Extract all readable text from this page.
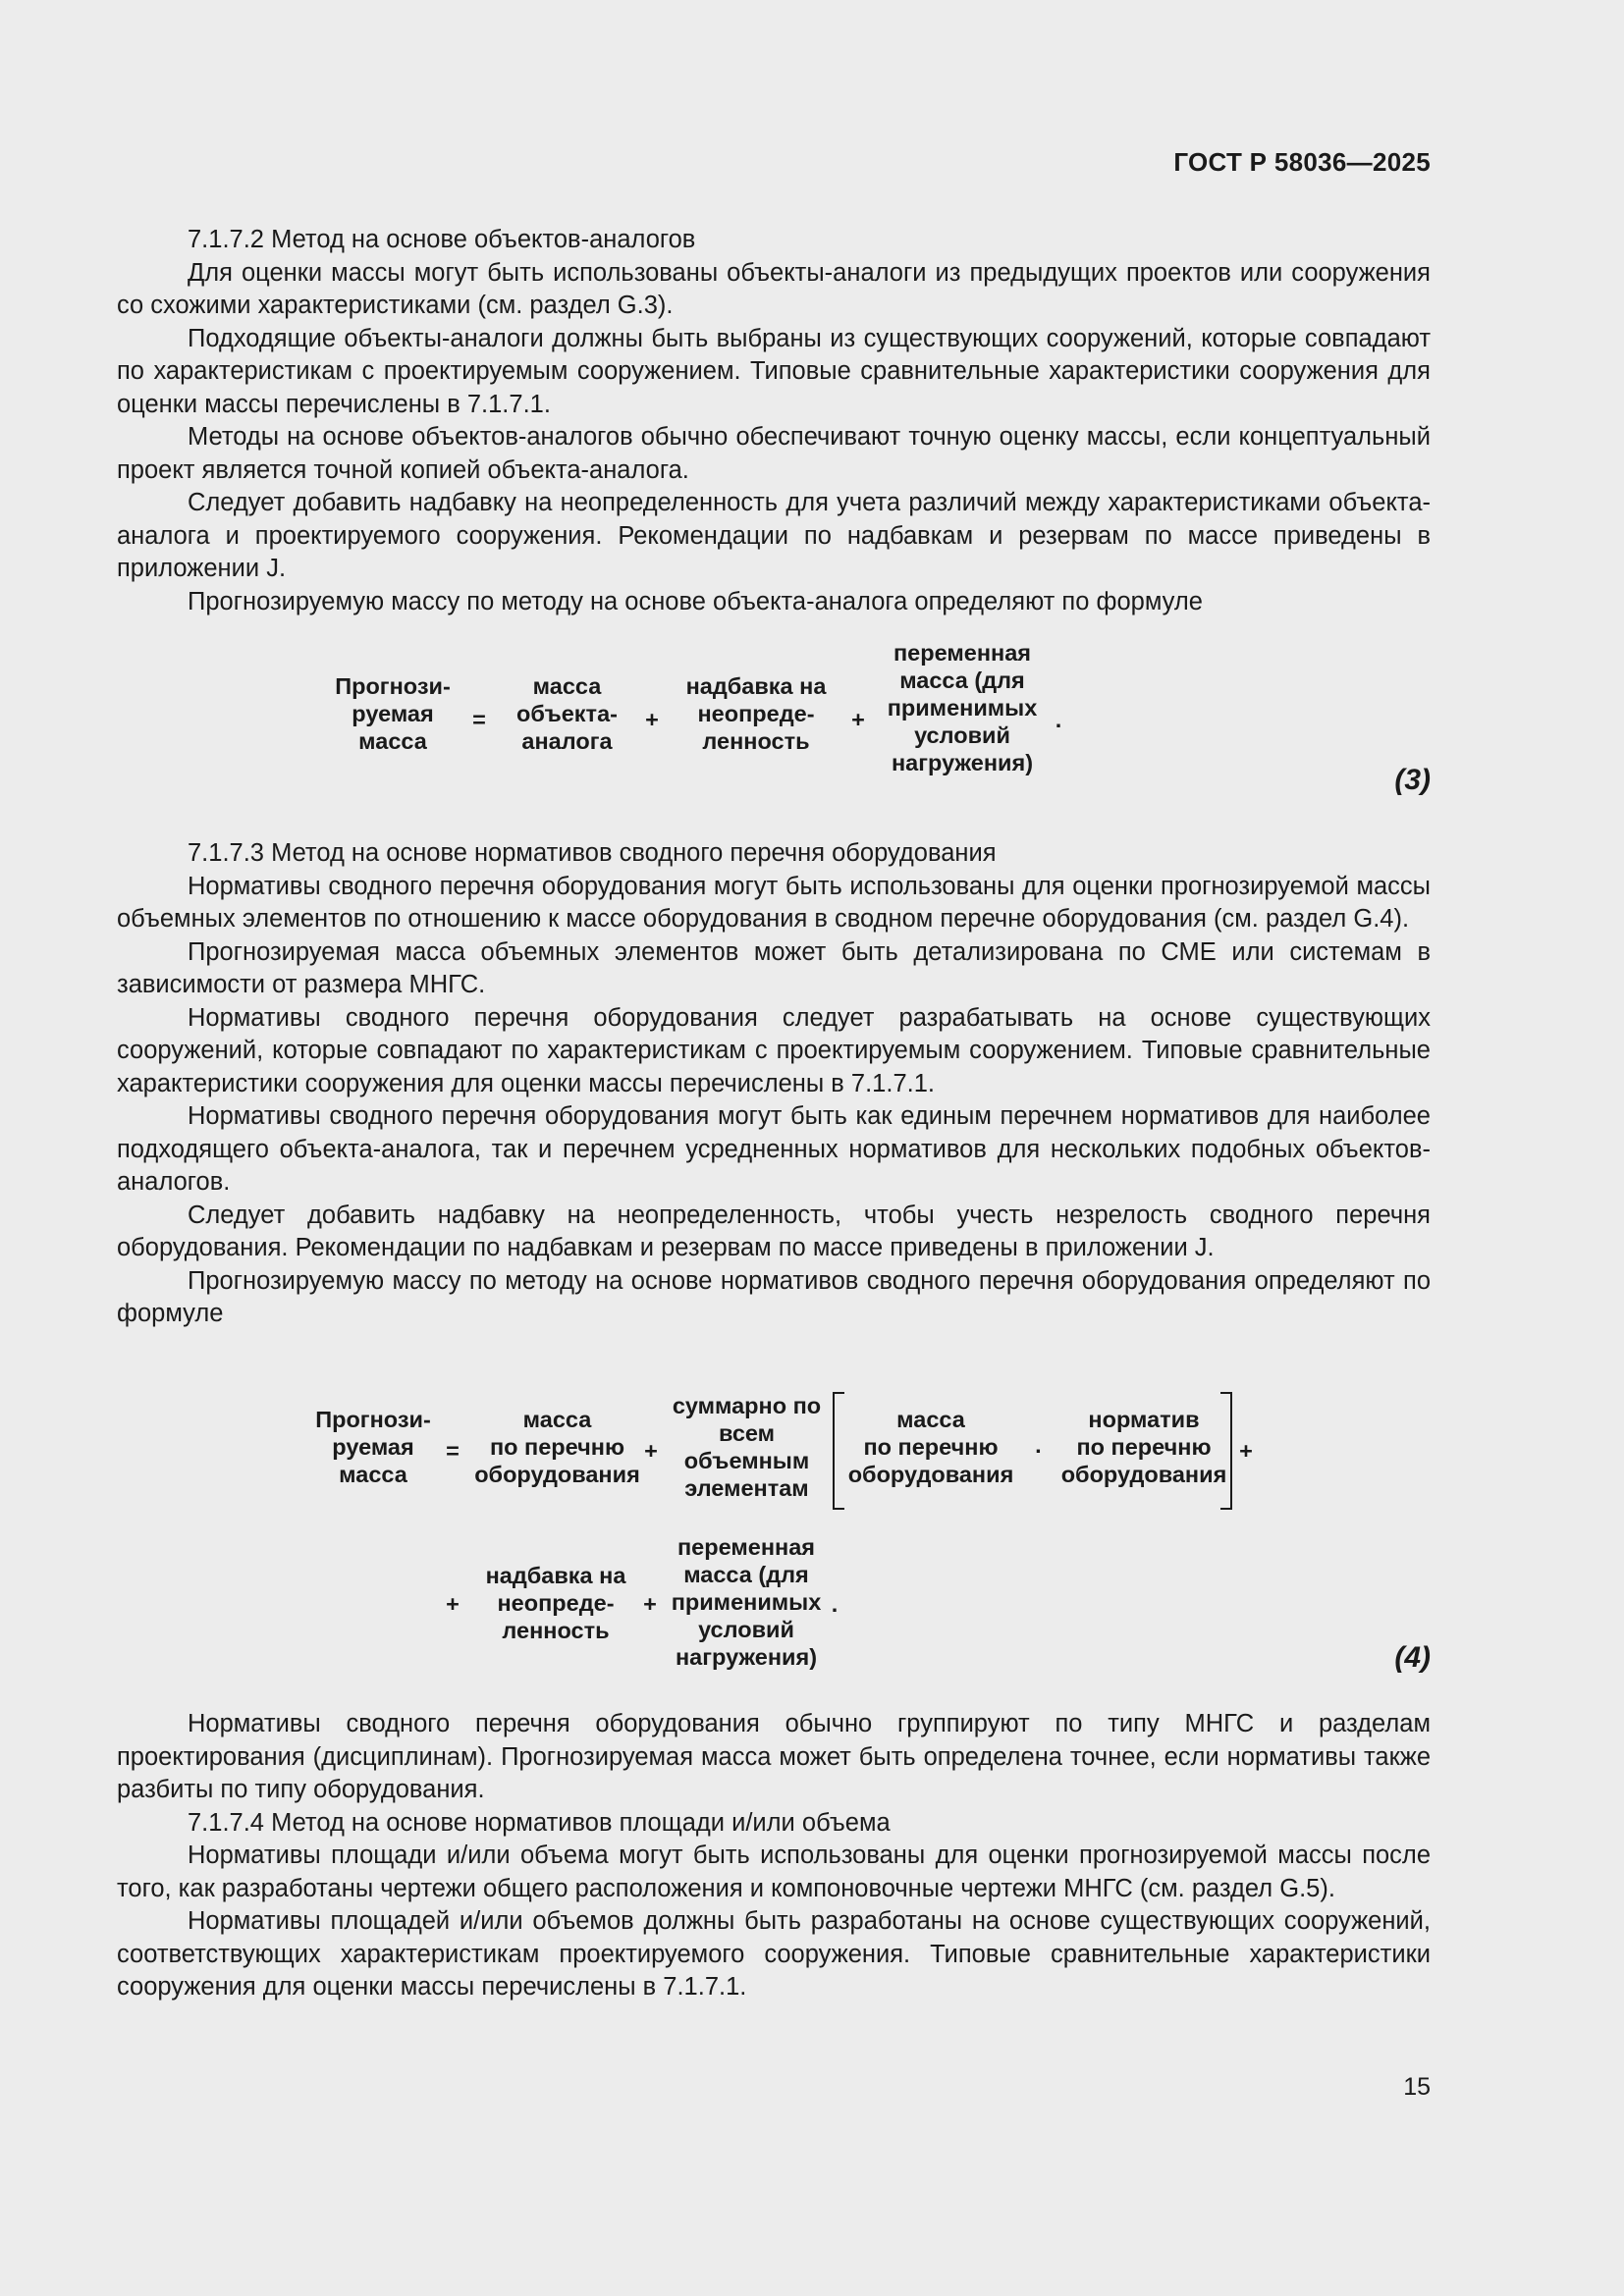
ГОСТ Р 58036—2025

7.1.7.2 Метод на основе объектов-аналогов

Для оценки массы могут быть использованы объекты-аналоги из предыдущих проектов или сооружения со схожими характеристиками (см. раздел G.3).

Подходящие объекты-аналоги должны быть выбраны из существующих сооружений, которые совпадают по характеристикам с проектируемым сооружением. Типовые сравнительные характеристики сооружения для оценки массы перечислены в 7.1.7.1.

Методы на основе объектов-аналогов обычно обеспечивают точную оценку массы, если концептуальный проект является точной копией объекта-аналога.

Следует добавить надбавку на неопределенность для учета различий между характеристиками объекта-аналога и проектируемого сооружения. Рекомендации по надбавкам и резервам по массе приведены в приложении J.

Прогнозируемую массу по методу на основе объекта-аналога определяют по формуле

Прогнози-
руемая
масса
=
масса
объекта-
аналога
+
надбавка на
неопреде-
ленность
+
переменная
масса (для
применимых
условий
нагружения)
.
(3)

7.1.7.3 Метод на основе нормативов сводного перечня оборудования

Нормативы сводного перечня оборудования могут быть использованы для оценки прогнозируемой массы объемных элементов по отношению к массе оборудования в сводном перечне оборудования (см. раздел G.4).

Прогнозируемая масса объемных элементов может быть детализирована по СМЕ или системам в зависимости от размера МНГС.

Нормативы сводного перечня оборудования следует разрабатывать на основе существующих сооружений, которые совпадают по характеристикам с проектируемым сооружением. Типовые сравнительные характеристики сооружения для оценки массы перечислены в 7.1.7.1.

Нормативы сводного перечня оборудования могут быть как единым перечнем нормативов для наиболее подходящего объекта-аналога, так и перечнем усредненных нормативов для нескольких подобных объектов-аналогов.

Следует добавить надбавку на неопределенность, чтобы учесть незрелость сводного перечня оборудования. Рекомендации по надбавкам и резервам по массе приведены в приложении J.

Прогнозируемую массу по методу на основе нормативов сводного перечня оборудования определяют по формуле

Прогнози-
руемая
масса
=
масса
по перечню
оборудования
+
суммарно по
всем
объемным
элементам
масса
по перечню
оборудования
·
норматив
по перечню
оборудования
+
+
надбавка на
неопреде-
ленность
+
переменная
масса (для
применимых
условий
нагружения)
.
(4)

Нормативы сводного перечня оборудования обычно группируют по типу МНГС и разделам проектирования (дисциплинам). Прогнозируемая масса может быть определена точнее, если нормативы также разбиты по типу оборудования.

7.1.7.4 Метод на основе нормативов площади и/или объема

Нормативы площади и/или объема могут быть использованы для оценки прогнозируемой массы после того, как разработаны чертежи общего расположения и компоновочные чертежи МНГС (см. раздел G.5).

Нормативы площадей и/или объемов должны быть разработаны на основе существующих сооружений, соответствующих характеристикам проектируемого сооружения. Типовые сравнительные характеристики сооружения для оценки массы перечислены в 7.1.7.1.

15
